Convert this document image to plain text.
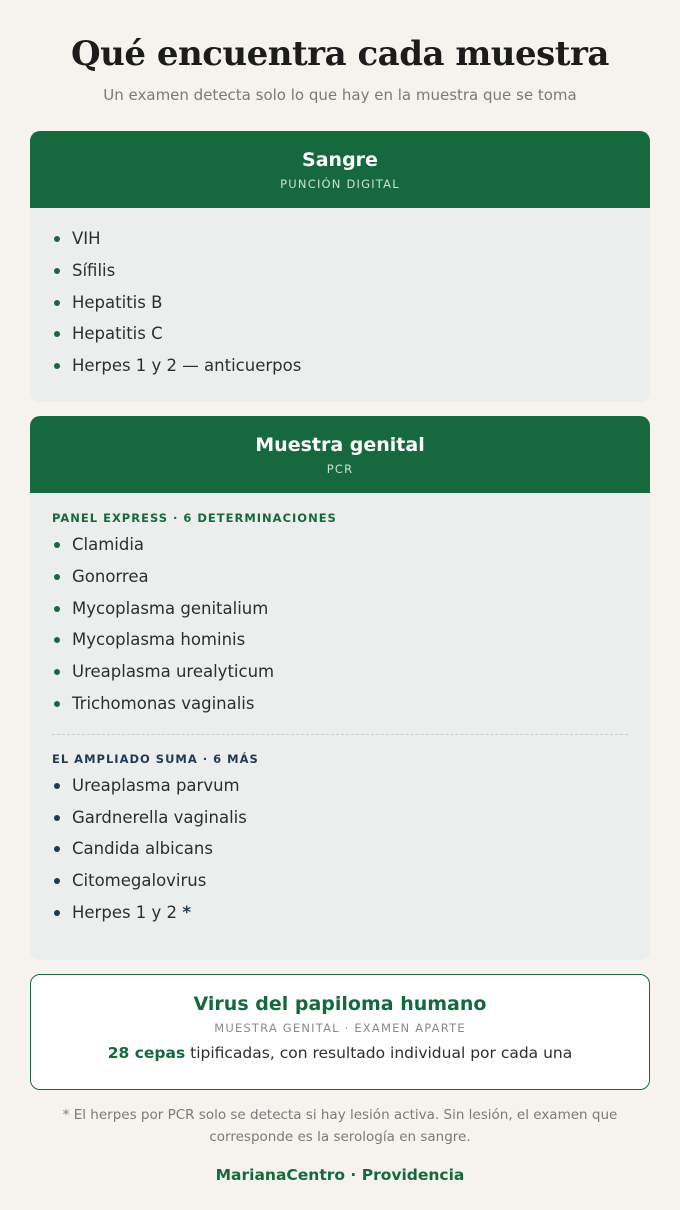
Qué encuentra cada muestra

Un examen detecta solo lo que hay en la muestra que se toma

Sangre
PUNCIÓN DIGITAL
VIH
Sífilis
Hepatitis B
Hepatitis C
Herpes 1 y 2 — anticuerpos
Muestra genital
PCR
PANEL EXPRESS · 6 DETERMINACIONES
Clamidia
Gonorrea
Mycoplasma genitalium
Mycoplasma hominis
Ureaplasma urealyticum
Trichomonas vaginalis
EL AMPLIADO SUMA · 6 MÁS
Ureaplasma parvum
Gardnerella vaginalis
Candida albicans
Citomegalovirus
Herpes 1 y 2 *
Virus del papiloma humano
MUESTRA GENITAL · EXAMEN APARTE
28 cepas tipificadas, con resultado individual por cada una

* El herpes por PCR solo se detecta si hay lesión activa. Sin lesión, el examen que corresponde es la serología en sangre.

MarianaCentro · Providencia
